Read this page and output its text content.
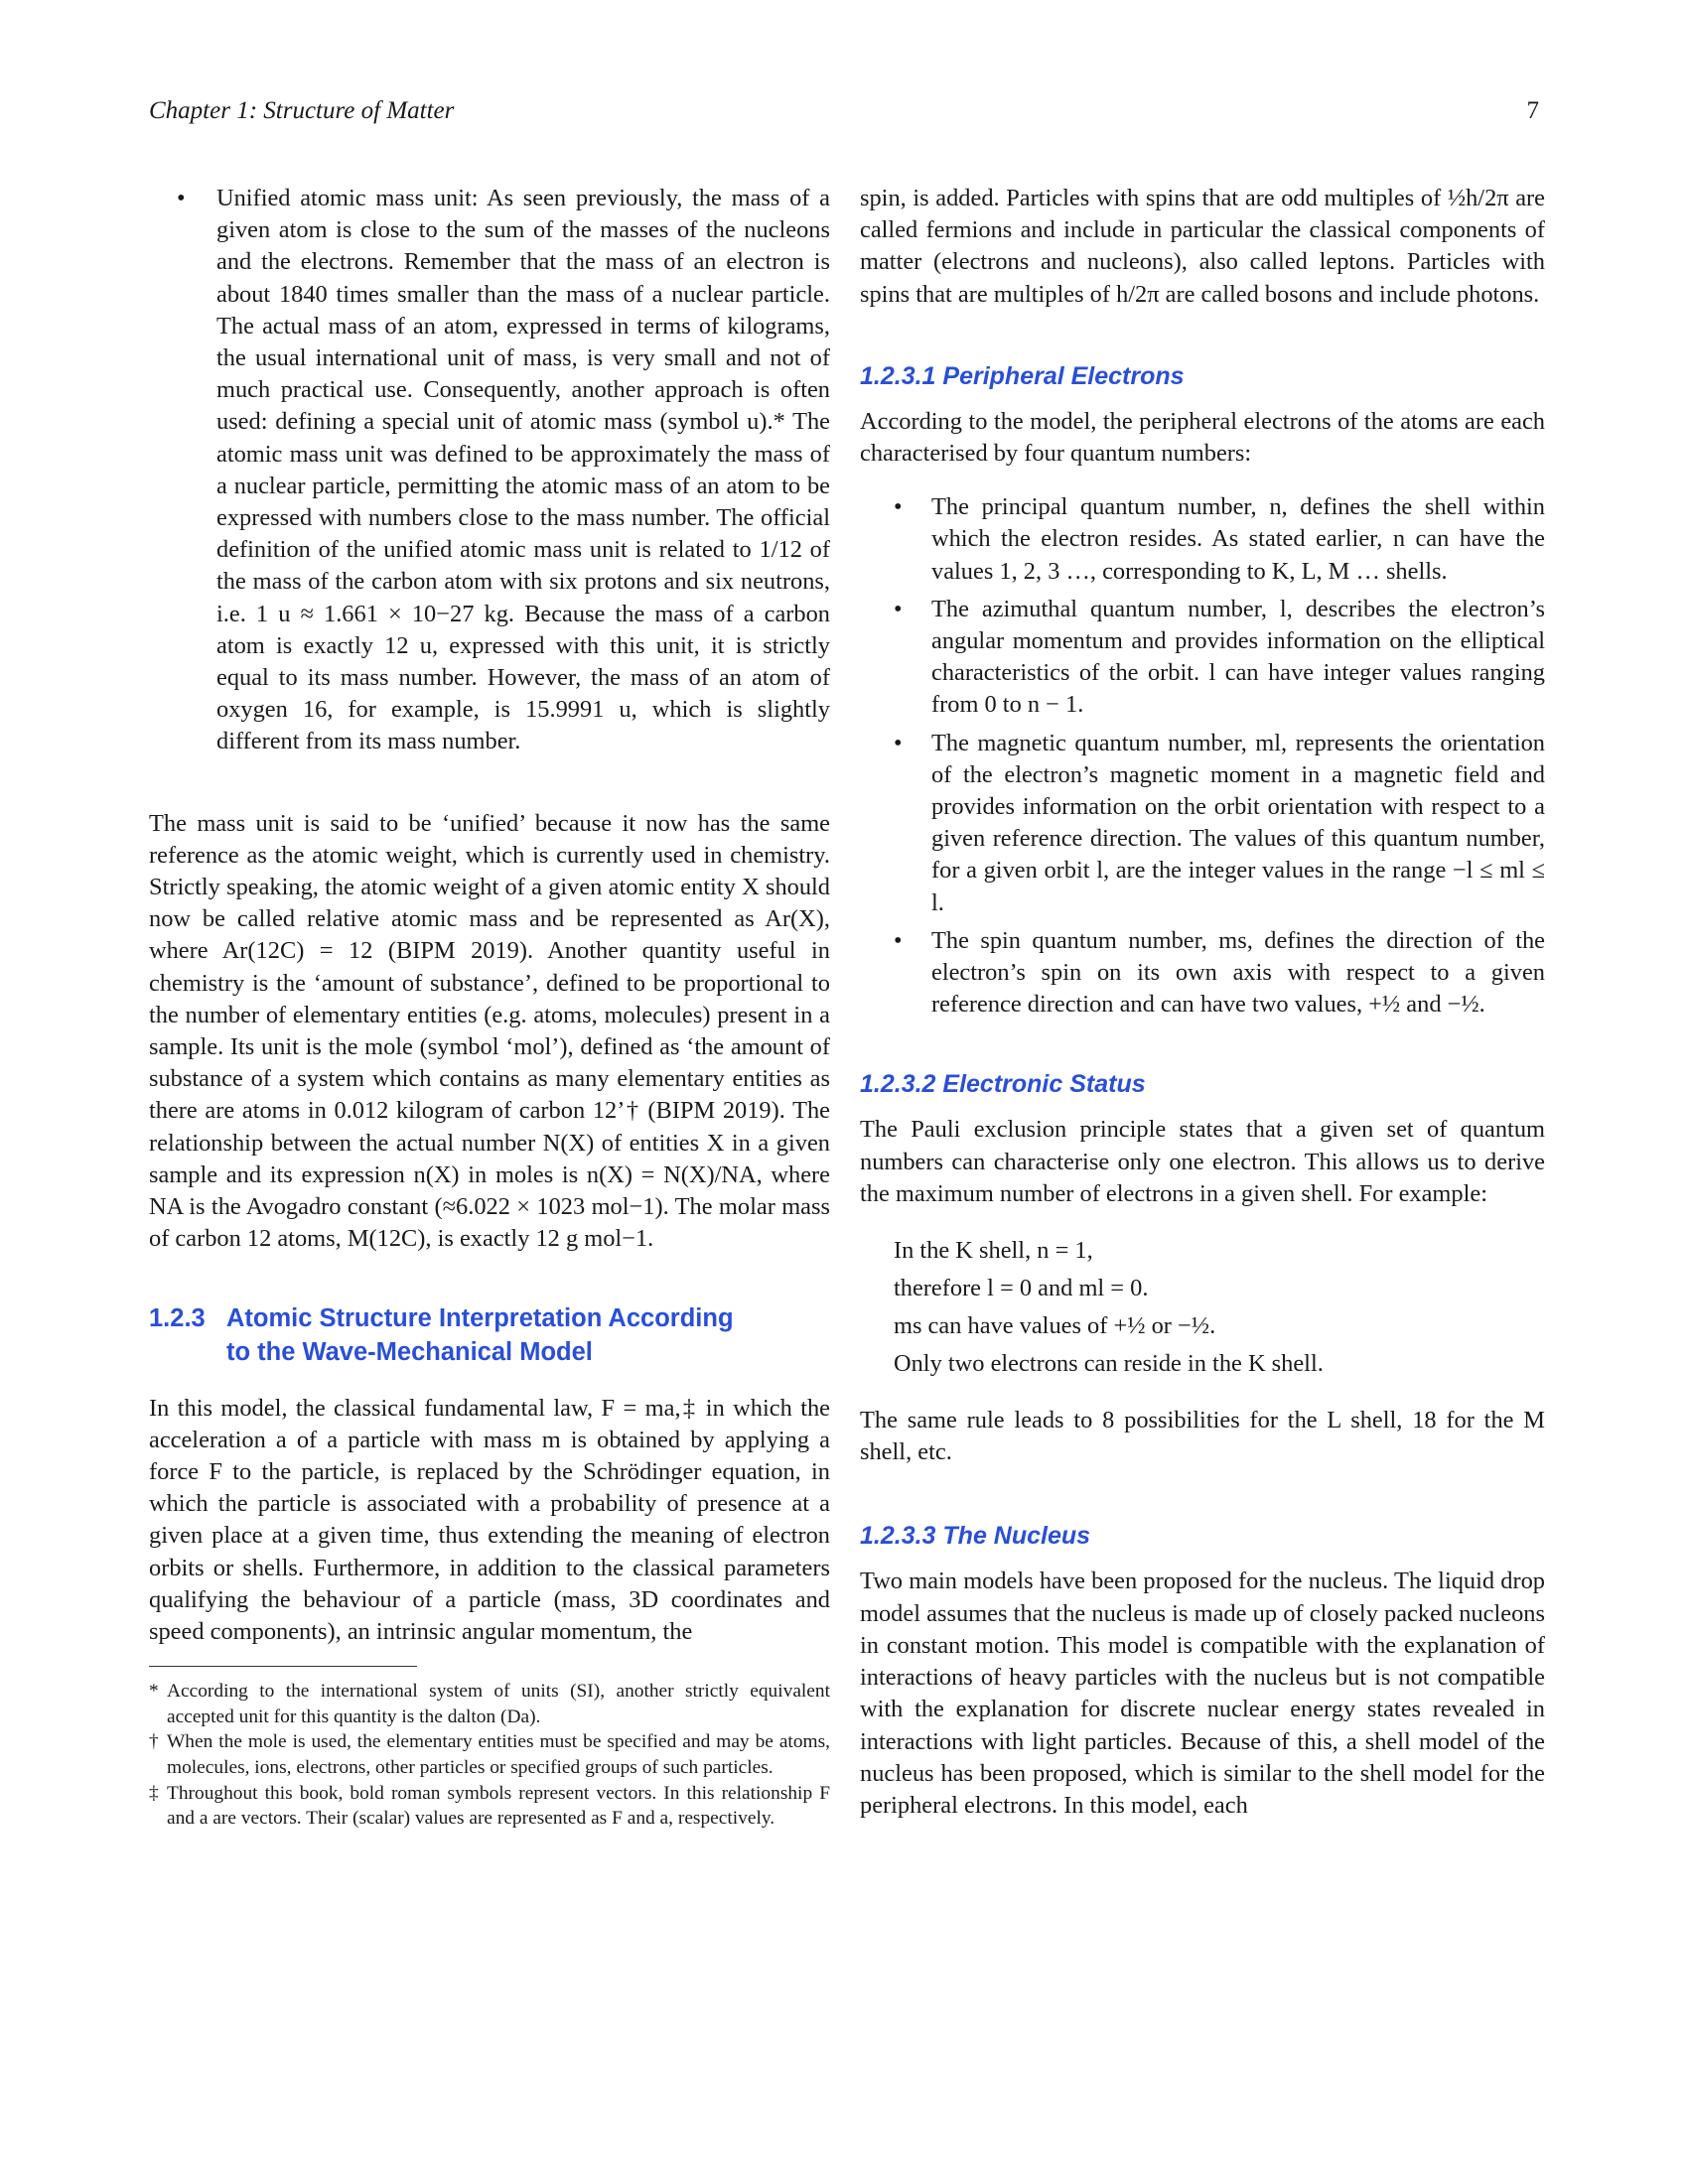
Chapter 1: Structure of Matter	7
• Unified atomic mass unit: As seen previously, the mass of a given atom is close to the sum of the masses of the nucleons and the electrons. Remember that the mass of an electron is about 1840 times smaller than the mass of a nuclear particle. The actual mass of an atom, expressed in terms of kilograms, the usual international unit of mass, is very small and not of much practical use. Consequently, another approach is often used: defining a special unit of atomic mass (symbol u).* The atomic mass unit was defined to be approximately the mass of a nuclear particle, permitting the atomic mass of an atom to be expressed with numbers close to the mass number. The official definition of the unified atomic mass unit is related to 1/12 of the mass of the carbon atom with six protons and six neutrons, i.e. 1 u ≈ 1.661 × 10−27 kg. Because the mass of a carbon atom is exactly 12 u, expressed with this unit, it is strictly equal to its mass number. However, the mass of an atom of oxygen 16, for example, is 15.9991 u, which is slightly different from its mass number.

The mass unit is said to be ‘unified’ because it now has the same reference as the atomic weight, which is currently used in chemistry. Strictly speaking, the atomic weight of a given atomic entity X should now be called relative atomic mass and be represented as Ar(X), where Ar(12C) = 12 (BIPM 2019). Another quantity useful in chemistry is the ‘amount of substance’, defined to be proportional to the number of elementary entities (e.g. atoms, molecules) present in a sample. Its unit is the mole (symbol ‘mol’), defined as ‘the amount of substance of a system which contains as many elementary entities as there are atoms in 0.012 kilogram of carbon 12’† (BIPM 2019). The relationship between the actual number N(X) of entities X in a given sample and its expression n(X) in moles is n(X) = N(X)/NA, where NA is the Avogadro constant (≈6.022 × 1023 mol−1). The molar mass of carbon 12 atoms, M(12C), is exactly 12 g mol−1.

1.2.3 Atomic Structure Interpretation According
to the Wave-Mechanical Model

In this model, the classical fundamental law, F = ma,‡ in which the acceleration a of a particle with mass m is obtained by applying a force F to the particle, is replaced by the Schrödinger equation, in which the particle is associated with a probability of presence at a given place at a given time, thus extending the meaning of electron orbits or shells. Furthermore, in addition to the classical parameters qualifying the behaviour of a particle (mass, 3D coordinates and speed components), an intrinsic angular momentum, the

* According to the international system of units (SI), another strictly equivalent accepted unit for this quantity is the dalton (Da).
† When the mole is used, the elementary entities must be specified and may be atoms, molecules, ions, electrons, other particles or specified groups of such particles.
‡ Throughout this book, bold roman symbols represent vectors. In this relationship F and a are vectors. Their (scalar) values are represented as F and a, respectively.

spin, is added. Particles with spins that are odd multiples of ½h/2π are called fermions and include in particular the classical components of matter (electrons and nucleons), also called leptons. Particles with spins that are multiples of h/2π are called bosons and include photons.

1.2.3.1 Peripheral Electrons

According to the model, the peripheral electrons of the atoms are each characterised by four quantum numbers:

• The principal quantum number, n, defines the shell within which the electron resides. As stated earlier, n can have the values 1, 2, 3 …, corresponding to K, L, M … shells.
• The azimuthal quantum number, l, describes the electron’s angular momentum and provides information on the elliptical characteristics of the orbit. l can have integer values ranging from 0 to n − 1.
• The magnetic quantum number, ml, represents the orientation of the electron’s magnetic moment in a magnetic field and provides information on the orbit orientation with respect to a given reference direction. The values of this quantum number, for a given orbit l, are the integer values in the range −l ≤ ml ≤ l.
• The spin quantum number, ms, defines the direction of the electron’s spin on its own axis with respect to a given reference direction and can have two values, +½ and −½.
1.2.3.2 Electronic Status

The Pauli exclusion principle states that a given set of quantum numbers can characterise only one electron. This allows us to derive the maximum number of electrons in a given shell. For example:

In the K shell, n = 1,
therefore l = 0 and ml = 0.
ms can have values of +½ or −½.
Only two electrons can reside in the K shell.

The same rule leads to 8 possibilities for the L shell, 18 for the M shell, etc.

1.2.3.3 The Nucleus

Two main models have been proposed for the nucleus. The liquid drop model assumes that the nucleus is made up of closely packed nucleons in constant motion. This model is compatible with the explanation of interactions of heavy particles with the nucleus but is not compatible with the explanation for discrete nuclear energy states revealed in interactions with light particles. Because of this, a shell model of the nucleus has been proposed, which is similar to the shell model for the peripheral electrons. In this model, each
